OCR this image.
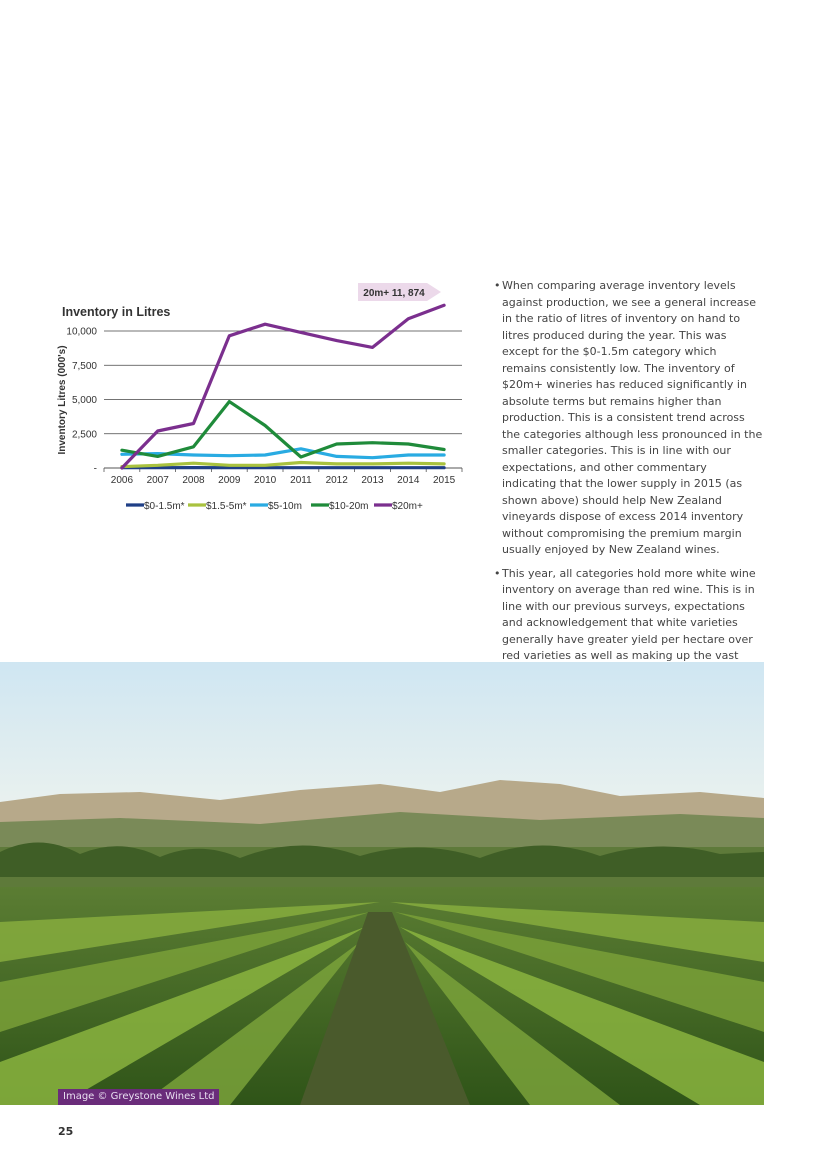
Inventory in Litres
Inventory Litres (000's)
-
2,500
5,000
7,500
10,000
2006 2007 2008 2009 2010 2011 2012 2013 2014 2015
20m+ 11, 874
$0-1.5m* $1.5-5m* $5-10m	$10-20m $20m+
• When comparing average inventory levels against production, we see a general increase in the ratio of litres of inventory on hand to litres produced during the year. This was except for the $0-1.5m category which remains consistently low. The inventory of $20m+ wineries has reduced significantly in absolute terms but remains higher than production. This is a consistent trend across the categories although less pronounced in the smaller categories. This is in line with our expectations, and other commentary indicating that the lower supply in 2015 (as shown above) should help New Zealand vineyards dispose of excess 2014 inventory without compromising the premium margin usually enjoyed by New Zealand wines.
• This year, all categories hold more white wine inventory on average than red wine. This is in line with our previous surveys, expectations and acknowledgement that white varieties generally have greater yield per hectare over red varieties as well as making up the vast
Image © Greystone Wines Ltd
25
